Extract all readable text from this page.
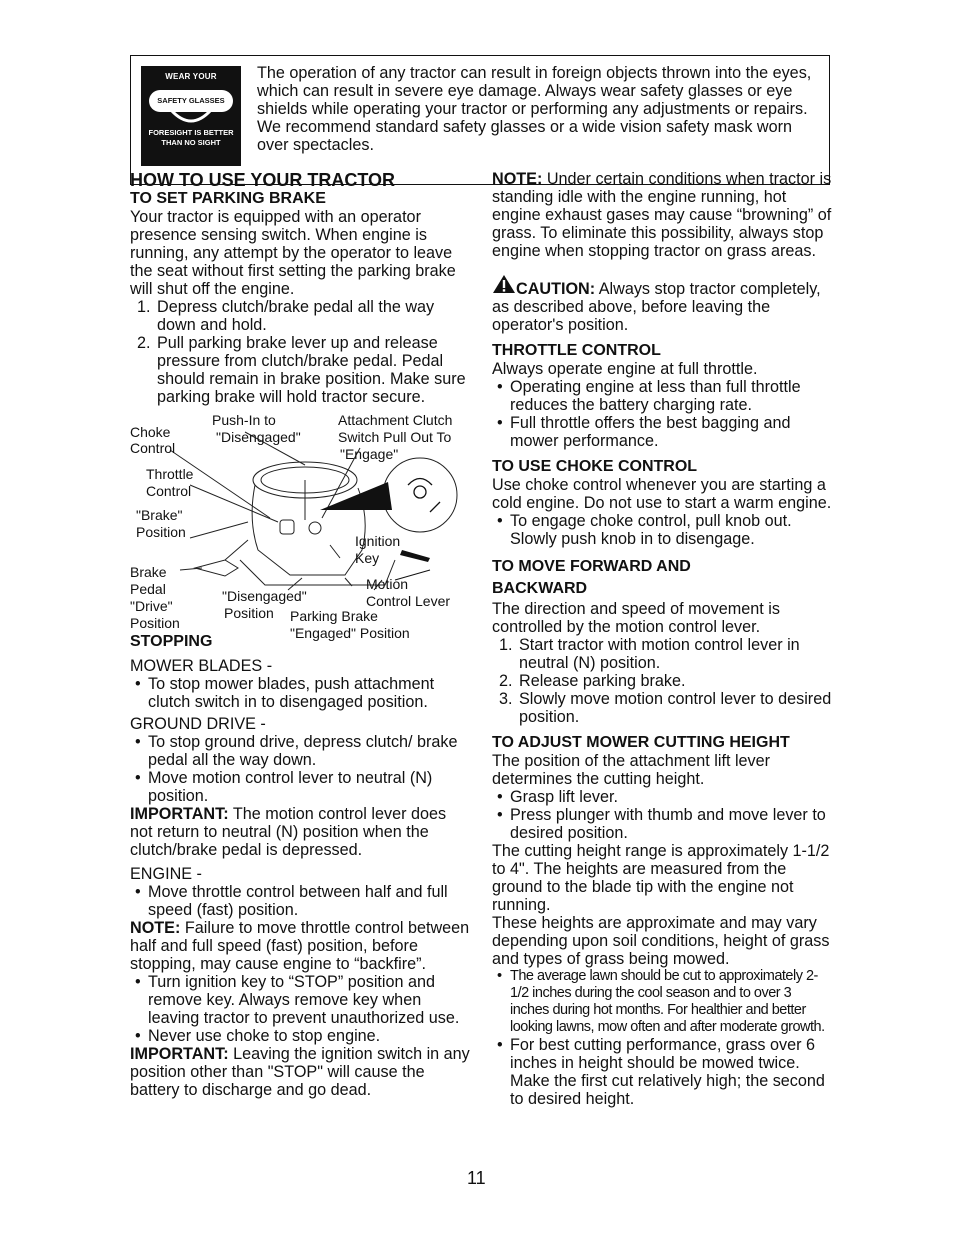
WEAR YOUR
SAFETY GLASSES
FORESIGHT IS BETTER
THAN NO SIGHT

The operation of any tractor can result in foreign objects thrown into the eyes, which can result in severe eye damage. Always wear safety glasses or eye shields while operating your tractor or performing any adjustments or repairs. We recommend standard safety glasses or a wide vision safety mask worn over spectacles.

HOW TO USE YOUR TRACTOR
TO SET PARKING BRAKE

Your tractor is equipped with an operator presence sensing switch. When engine is running, any attempt by the operator to leave the seat without first setting the parking brake will shut off the engine.

1. Depress clutch/brake pedal all the way down and hold.
2. Pull parking brake lever up and release pressure from clutch/brake pedal. Pedal should remain in brake position. Make sure parking brake will hold tractor secure.
Push-In to
"Disengaged"
Attachment Clutch
Switch Pull Out To
"Engage"
Choke
Control
Throttle
Control
"Brake"
Position
Ignition
Key
Brake
Pedal
"Drive"
Position
"Disengaged"
Position
Motion
Control Lever
Parking Brake
"Engaged" Position
STOPPING

MOWER BLADES -

• To stop mower blades, push attachment clutch switch in to disengaged position.

GROUND DRIVE -

• To stop ground drive, depress clutch/ brake pedal all the way down.
• Move motion control lever to neutral (N) position.

IMPORTANT: The motion control lever does not return to neutral (N) position when the clutch/brake pedal is depressed.

ENGINE -

• Move throttle control between half and full speed (fast) position.

NOTE: Failure to move throttle control between half and full speed (fast) position, before stopping, may cause engine to “backfire”.

• Turn ignition key to “STOP” position and remove key. Always remove key when leaving tractor to prevent unauthorized use.
• Never use choke to stop engine.

IMPORTANT: Leaving the ignition switch in any position other than "STOP" will cause the battery to discharge and go dead.

NOTE: Under certain conditions when tractor is standing idle with the engine running, hot engine exhaust gases may cause “browning” of grass. To eliminate this possibility, always stop engine when stopping tractor on grass areas.

CAUTION: Always stop tractor completely, as described above, before leaving the operator's position.

THROTTLE CONTROL

Always operate engine at full throttle.

• Operating engine at less than full throttle reduces the battery charging rate.
• Full throttle offers the best bagging and mower performance.
TO USE CHOKE CONTROL

Use choke control whenever you are starting a cold engine. Do not use to start a warm engine.

• To engage choke control, pull knob out. Slowly push knob in to disengage.
TO MOVE FORWARD AND
BACKWARD

The direction and speed of movement is controlled by the motion control lever.

1. Start tractor with motion control lever in neutral (N) position.
2. Release parking brake.
3. Slowly move motion control lever to desired position.
TO ADJUST MOWER CUTTING HEIGHT

The position of the attachment lift lever determines the cutting height.

• Grasp lift lever.
• Press plunger with thumb and move lever to desired position.

The cutting height range is approximately 1-1/2 to 4". The heights are measured from the ground to the blade tip with the engine not running.

These heights are approximate and may vary depending upon soil conditions, height of grass and types of grass being mowed.

• The average lawn should be cut to approximately 2-1/2 inches during the cool season and to over 3 inches during hot months. For healthier and better looking lawns, mow often and after moderate growth.
• For best cutting performance, grass over 6 inches in height should be mowed twice. Make the first cut relatively high; the second to desired height.
11
